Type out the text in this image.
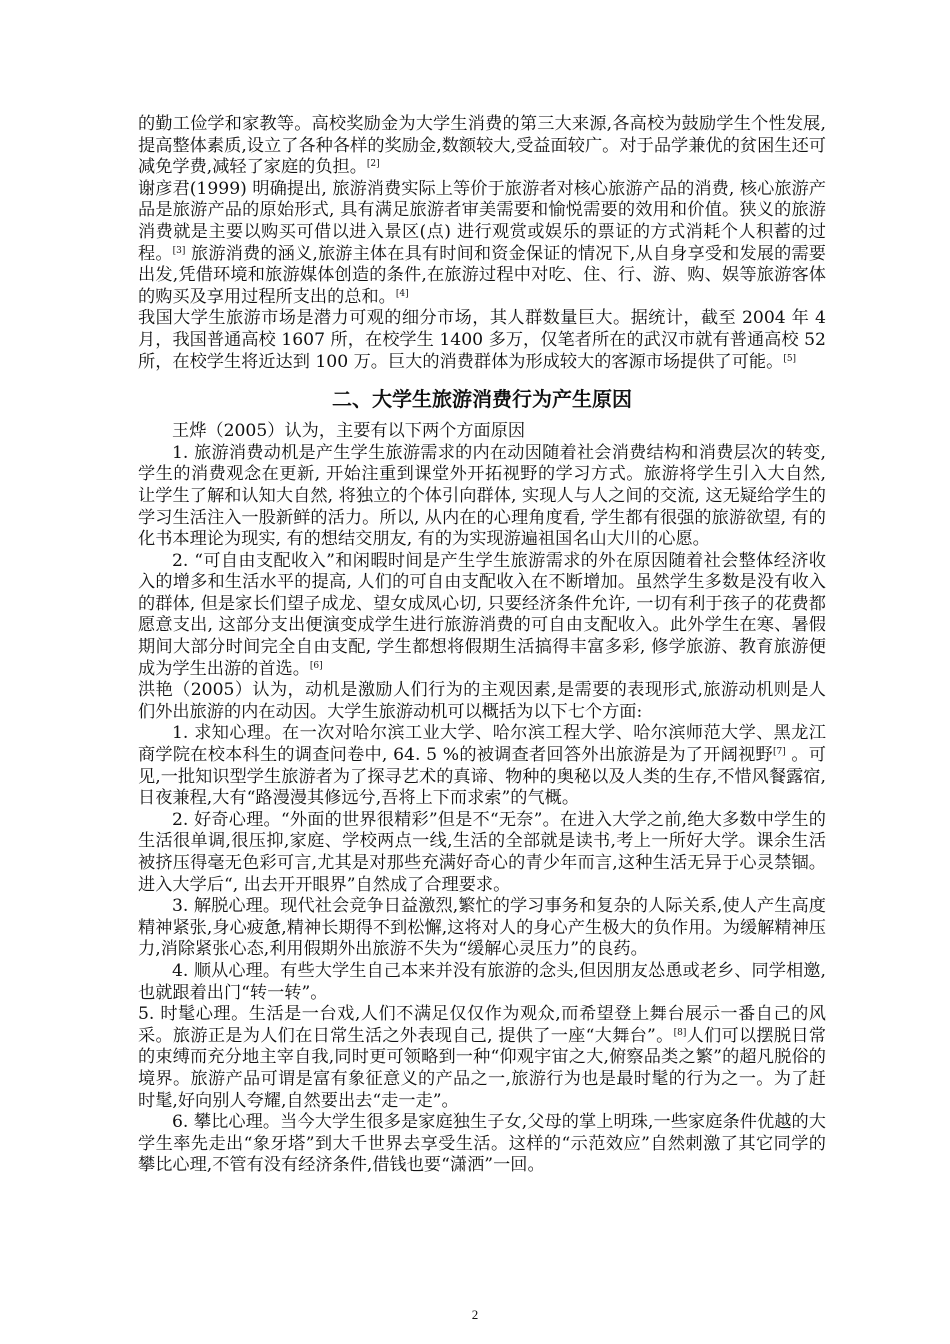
的勤工俭学和家教等。高校奖励金为大学生消费的第三大来源,各高校为鼓励学生个性发展,提高整体素质,设立了各种各样的奖励金,数额较大,受益面较广。对于品学兼优的贫困生还可减免学费,减轻了家庭的负担。[2]

谢彦君(1999) 明确提出, 旅游消费实际上等价于旅游者对核心旅游产品的消费, 核心旅游产品是旅游产品的原始形式, 具有满足旅游者审美需要和愉悦需要的效用和价值。狭义的旅游消费就是主要以购买可借以进入景区(点) 进行观赏或娱乐的票证的方式消耗个人积蓄的过程。[3] 旅游消费的涵义,旅游主体在具有时间和资金保证的情况下,从自身享受和发展的需要出发,凭借环境和旅游媒体创造的条件,在旅游过程中对吃、住、行、游、购、娱等旅游客体的购买及享用过程所支出的总和。[4]

我国大学生旅游市场是潜力可观的细分市场，其人群数量巨大。据统计，截至 2004 年 4 月，我国普通高校 1607 所，在校学生 1400 多万，仅笔者所在的武汉市就有普通高校 52 所，在校学生将近达到 100 万。巨大的消费群体为形成较大的客源市场提供了可能。[5]

二、大学生旅游消费行为产生原因

王烨（2005）认为，主要有以下两个方面原因

1. 旅游消费动机是产生学生旅游需求的内在动因随着社会消费结构和消费层次的转变, 学生的消费观念在更新, 开始注重到课堂外开拓视野的学习方式。旅游将学生引入大自然, 让学生了解和认知大自然, 将独立的个体引向群体, 实现人与人之间的交流, 这无疑给学生的学习生活注入一股新鲜的活力。所以, 从内在的心理角度看, 学生都有很强的旅游欲望, 有的化书本理论为现实, 有的想结交朋友, 有的为实现游遍祖国名山大川的心愿。

2. “可自由支配收入”和闲暇时间是产生学生旅游需求的外在原因随着社会整体经济收入的增多和生活水平的提高, 人们的可自由支配收入在不断增加。虽然学生多数是没有收入的群体, 但是家长们望子成龙、望女成凤心切, 只要经济条件允许, 一切有利于孩子的花费都愿意支出, 这部分支出便演变成学生进行旅游消费的可自由支配收入。此外学生在寒、暑假期间大部分时间完全自由支配, 学生都想将假期生活搞得丰富多彩, 修学旅游、教育旅游便成为学生出游的首选。[6]

洪艳（2005）认为，动机是激励人们行为的主观因素,是需要的表现形式,旅游动机则是人们外出旅游的内在动因。大学生旅游动机可以概括为以下七个方面:

1. 求知心理。在一次对哈尔滨工业大学、哈尔滨工程大学、哈尔滨师范大学、黑龙江商学院在校本科生的调查问卷中, 64. 5 %的被调查者回答外出旅游是为了开阔视野[7] 。可见,一批知识型学生旅游者为了探寻艺术的真谛、物种的奥秘以及人类的生存,不惜风餐露宿,日夜兼程,大有“路漫漫其修远兮,吾将上下而求索”的气概。

2. 好奇心理。“外面的世界很精彩”但是不“无奈”。在进入大学之前,绝大多数中学生的生活很单调,很压抑,家庭、学校两点一线,生活的全部就是读书,考上一所好大学。课余生活被挤压得毫无色彩可言,尤其是对那些充满好奇心的青少年而言,这种生活无异于心灵禁锢。进入大学后“, 出去开开眼界”自然成了合理要求。

3. 解脱心理。现代社会竞争日益激烈,繁忙的学习事务和复杂的人际关系,使人产生高度精神紧张,身心疲惫,精神长期得不到松懈,这将对人的身心产生极大的负作用。为缓解精神压力,消除紧张心态,利用假期外出旅游不失为“缓解心灵压力”的良药。

4. 顺从心理。有些大学生自己本来并没有旅游的念头,但因朋友怂恿或老乡、同学相邀,也就跟着出门“转一转”。

5. 时髦心理。生活是一台戏,人们不满足仅仅作为观众,而希望登上舞台展示一番自己的风采。旅游正是为人们在日常生活之外表现自己, 提供了一座“大舞台”。[8]人们可以摆脱日常的束缚而充分地主宰自我,同时更可领略到一种“仰观宇宙之大,俯察品类之繁”的超凡脱俗的境界。旅游产品可谓是富有象征意义的产品之一,旅游行为也是最时髦的行为之一。为了赶时髦,好向别人夸耀,自然要出去“走一走”。

6. 攀比心理。当今大学生很多是家庭独生子女,父母的掌上明珠,一些家庭条件优越的大学生率先走出“象牙塔”到大千世界去享受生活。这样的“示范效应”自然刺激了其它同学的攀比心理,不管有没有经济条件,借钱也要“潇洒”一回。

2
